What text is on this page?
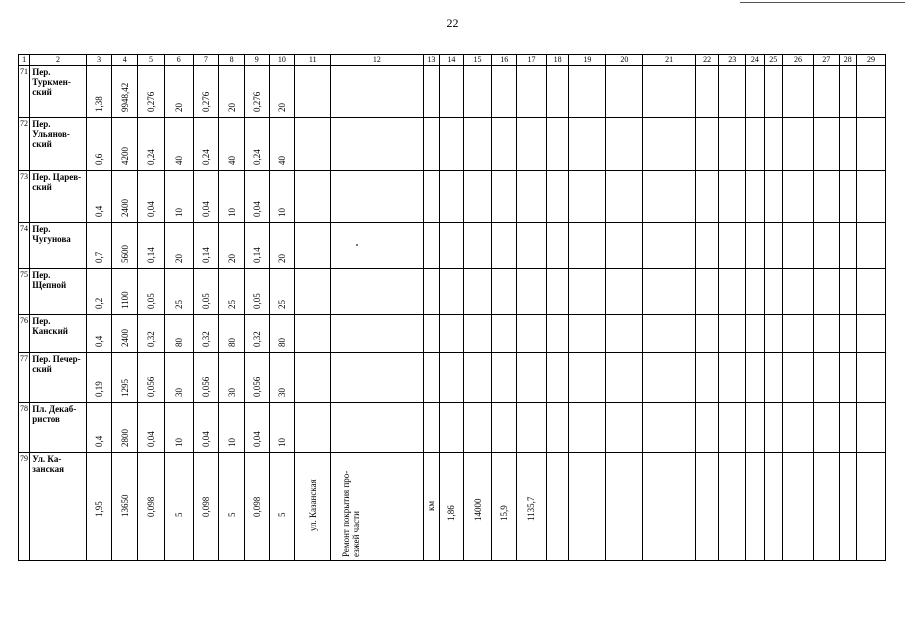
22
1	2	3	4	5	6	7	8	9	10	11	12	13	14	15	16	17	18	19	20	21	22	23	24	25	26	27	28	29
71	Пер. Туркмен-ский	1,38	9948,42	0,276	20	0,276	20	0,276	20																			

72	Пер. Ульянов-ский	0,6	4200	0,24	40	0,24	40	0,24	40																			

73	Пер. Царев-ский	0,4	2400	0,04	10	0,04	10	0,04	10																			

74	Пер. Чугунова	0,7	5600	0,14	20	0,14	20	0,14	20																			

75	Пер. Щепной	0,2	1100	0,05	25	0,05	25	0,05	25																			

76	Пер. Канский	0,4	2400	0,32	80	0,32	80	0,32	80																			

77	Пер. Печер-ский	0,19	1295	0,056	30	0,056	30	0,056	30																			

78	Пл. Декаб-ристов	0,4	2800	0,04	10	0,04	10	0,04	10																			

79	Ул. Ка-занская	1,95	13650	0,098	5	0,098	5	0,098	5	ул. Казанская	Ремонт покрытия про-езжей части	км	1,86	14000	15,9	1135,7												
